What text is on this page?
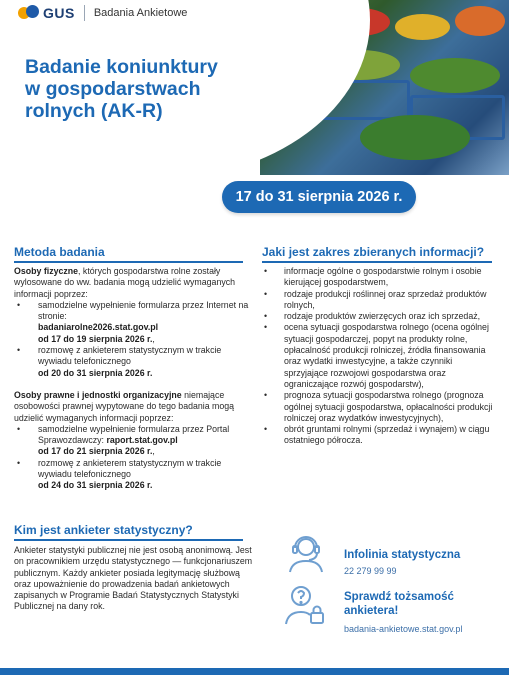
GUS Badania Ankietowe
Badanie koniunktury
w gospodarstwach
rolnych (AK-R)
17 do 31 sierpnia 2026 r.
Metoda badania

Osoby fizyczne, których gospodarstwa rolne zostały wylosowane do ww. badania mogą udzielić wymaganych informacji poprzez:

• samodzielne wypełnienie formularza przez Internet na stronie:
badaniarolne2026.stat.gov.pl
od 17 do 19 sierpnia 2026 r.,
• rozmowę z ankieterem statystycznym w trakcie wywiadu telefonicznego
od 20 do 31 sierpnia 2026 r.

Osoby prawne i jednostki organizacyjne niemające osobowości prawnej wypytowane do tego badania mogą udzielić wymaganych informacji poprzez:

• samodzielne wypełnienie formularza przez Portal Sprawozdawczy: raport.stat.gov.pl
od 17 do 21 sierpnia 2026 r.,
• rozmowę z ankieterem statystycznym w trakcie wywiadu telefonicznego
od 24 do 31 sierpnia 2026 r.
Jaki jest zakres zbieranych informacji?
• informacje ogólne o gospodarstwie rolnym i osobie kierującej gospodarstwem,
• rodzaje produkcji roślinnej oraz sprzedaż produktów rolnych,
• rodzaje produktów zwierzęcych oraz ich sprzedaż,
• ocena sytuacji gospodarstwa rolnego (ocena ogólnej sytuacji gospodarczej, popyt na produkty rolne, opłacalność produkcji rolniczej, źródła finansowania oraz wydatki inwestycyjne, a także czynniki sprzyjające rozwojowi gospodarstwa oraz ograniczające rozwój gospodarstw),
• prognoza sytuacji gospodarstwa rolnego (prognoza ogólnej sytuacji gospodarstwa, opłacalności produkcji rolniczej oraz wydatków inwestycyjnych),
• obrót gruntami rolnymi (sprzedaż i wynajem) w ciągu ostatniego półrocza.
Kim jest ankieter statystyczny?
Ankieter statystyki publicznej nie jest osobą anonimową. Jest on pracownikiem urzędu statystycznego — funkcjonariuszem publicznym. Każdy ankieter posiada legitymację służbową oraz upoważnienie do prowadzenia badań ankietowych zapisanych w Programie Badań Statystycznych Statystyki Publicznej na dany rok.
Infolinia statystyczna
22 279 99 99
Sprawdź tożsamość ankietera!
badania-ankietowe.stat.gov.pl
